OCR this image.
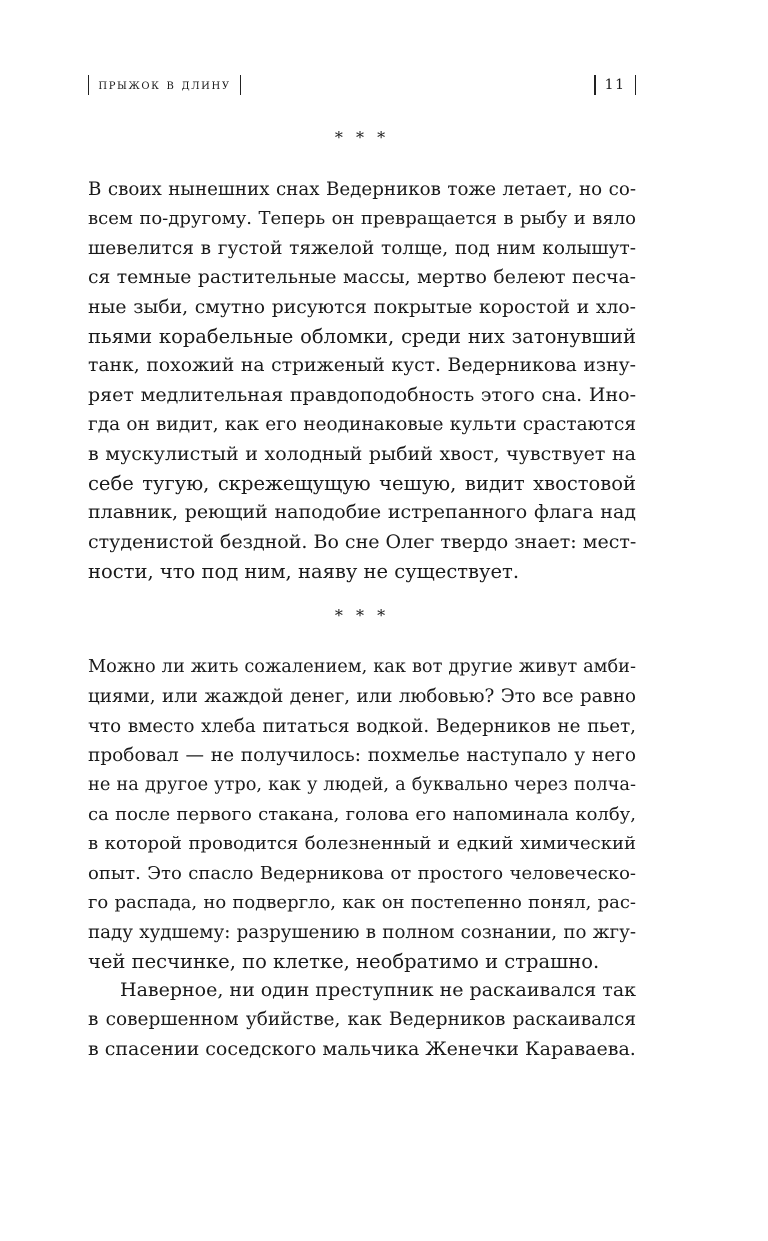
прыжок в длину	11
* * *
В своих нынешних снах Ведерников тоже летает, но со-
всем по-другому. Теперь он превращается в рыбу и вяло
шевелится в густой тяжелой толще, под ним колышут-
ся темные растительные массы, мертво белеют песча-
ные зыби, смутно рисуются покрытые коростой и хло-
пьями корабельные обломки, среди них затонувший
танк, похожий на стриженый куст. Ведерникова изну-
ряет медлительная правдоподобность этого сна. Ино-
гда он видит, как его неодинаковые культи срастаются
в мускулистый и холодный рыбий хвост, чувствует на
себе тугую, скрежещущую чешую, видит хвостовой
плавник, реющий наподобие истрепанного флага над
студенистой бездной. Во сне Олег твердо знает: мест-
ности, что под ним, наяву не существует.
* * *
Можно ли жить сожалением, как вот другие живут амби-
циями, или жаждой денег, или любовью? Это все равно
что вместо хлеба питаться водкой. Ведерников не пьет,
пробовал — не получилось: похмелье наступало у него
не на другое утро, как у людей, а буквально через полча-
са после первого стакана, голова его напоминала колбу,
в которой проводится болезненный и едкий химический
опыт. Это спасло Ведерникова от простого человеческо-
го распада, но подвергло, как он постепенно понял, рас-
паду худшему: разрушению в полном сознании, по жгу-
чей песчинке, по клетке, необратимо и страшно.
Наверное, ни один преступник не раскаивался так
в совершенном убийстве, как Ведерников раскаивался
в спасении соседского мальчика Женечки Караваева.
